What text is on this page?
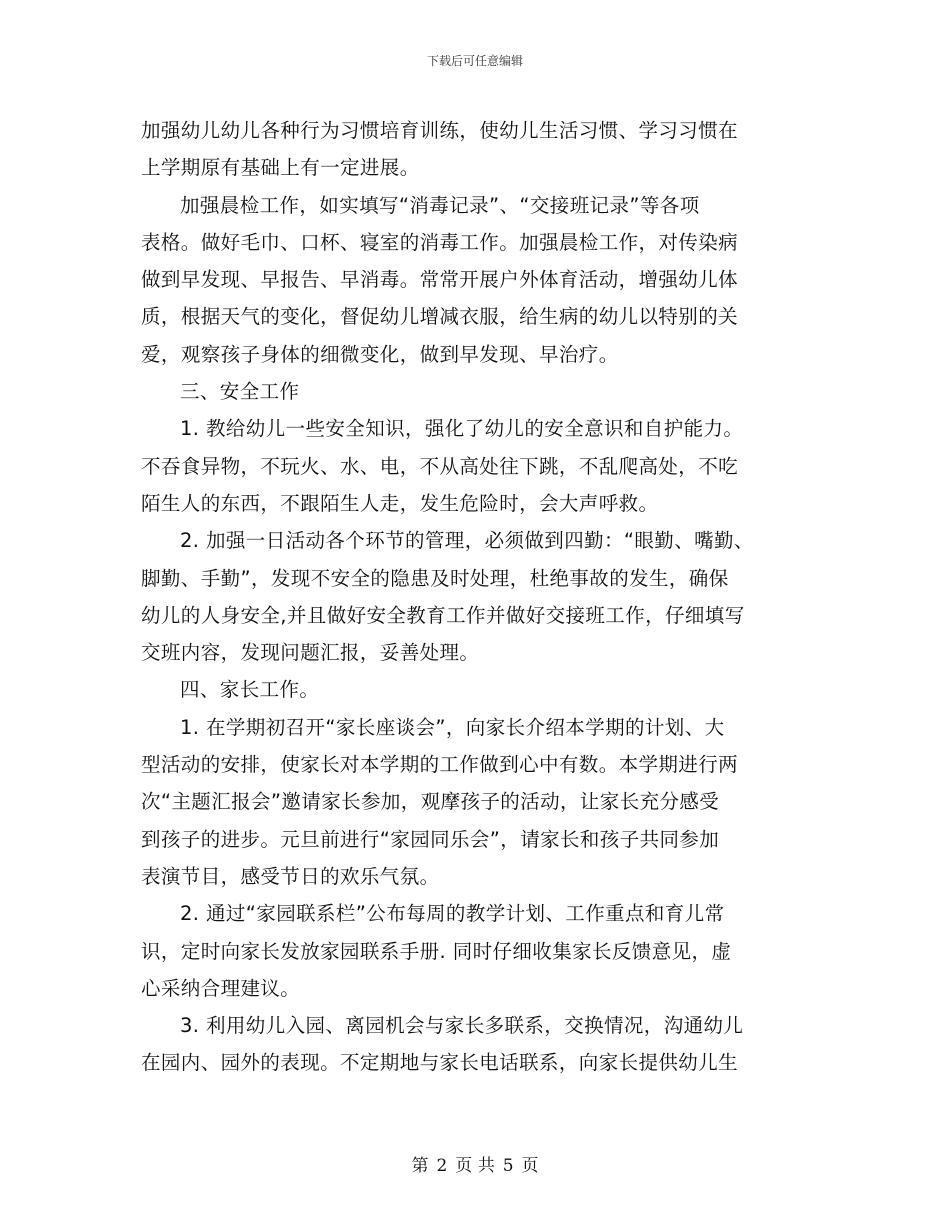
下载后可任意编辑
加强幼儿幼儿各种行为习惯培育训练，使幼儿生活习惯、学习习惯在
上学期原有基础上有一定进展。
加强晨检工作，如实填写“消毒记录”、“交接班记录”等各项
表格。做好毛巾、口杯、寝室的消毒工作。加强晨检工作，对传染病
做到早发现、早报告、早消毒。常常开展户外体育活动，增强幼儿体
质，根据天气的变化，督促幼儿增减衣服，给生病的幼儿以特别的关
爱，观察孩子身体的细微变化，做到早发现、早治疗。
三、安全工作
1. 教给幼儿一些安全知识，强化了幼儿的安全意识和自护能力。
不吞食异物，不玩火、水、电，不从高处往下跳，不乱爬高处，不吃
陌生人的东西，不跟陌生人走，发生危险时，会大声呼救。
2. 加强一日活动各个环节的管理，必须做到四勤：“眼勤、嘴勤、
脚勤、手勤”，发现不安全的隐患及时处理，杜绝事故的发生，确保
幼儿的人身安全,并且做好安全教育工作并做好交接班工作，仔细填写
交班内容，发现问题汇报，妥善处理。
四、家长工作。
1. 在学期初召开“家长座谈会”，向家长介绍本学期的计划、大
型活动的安排，使家长对本学期的工作做到心中有数。本学期进行两
次“主题汇报会”邀请家长参加，观摩孩子的活动，让家长充分感受
到孩子的进步。元旦前进行“家园同乐会”，请家长和孩子共同参加
表演节目，感受节日的欢乐气氛。
2. 通过“家园联系栏”公布每周的教学计划、工作重点和育儿常
识，定时向家长发放家园联系手册. 同时仔细收集家长反馈意见，虚
心采纳合理建议。
3. 利用幼儿入园、离园机会与家长多联系，交换情况，沟通幼儿
在园内、园外的表现。不定期地与家长电话联系，向家长提供幼儿生
第 2 页 共 5 页
